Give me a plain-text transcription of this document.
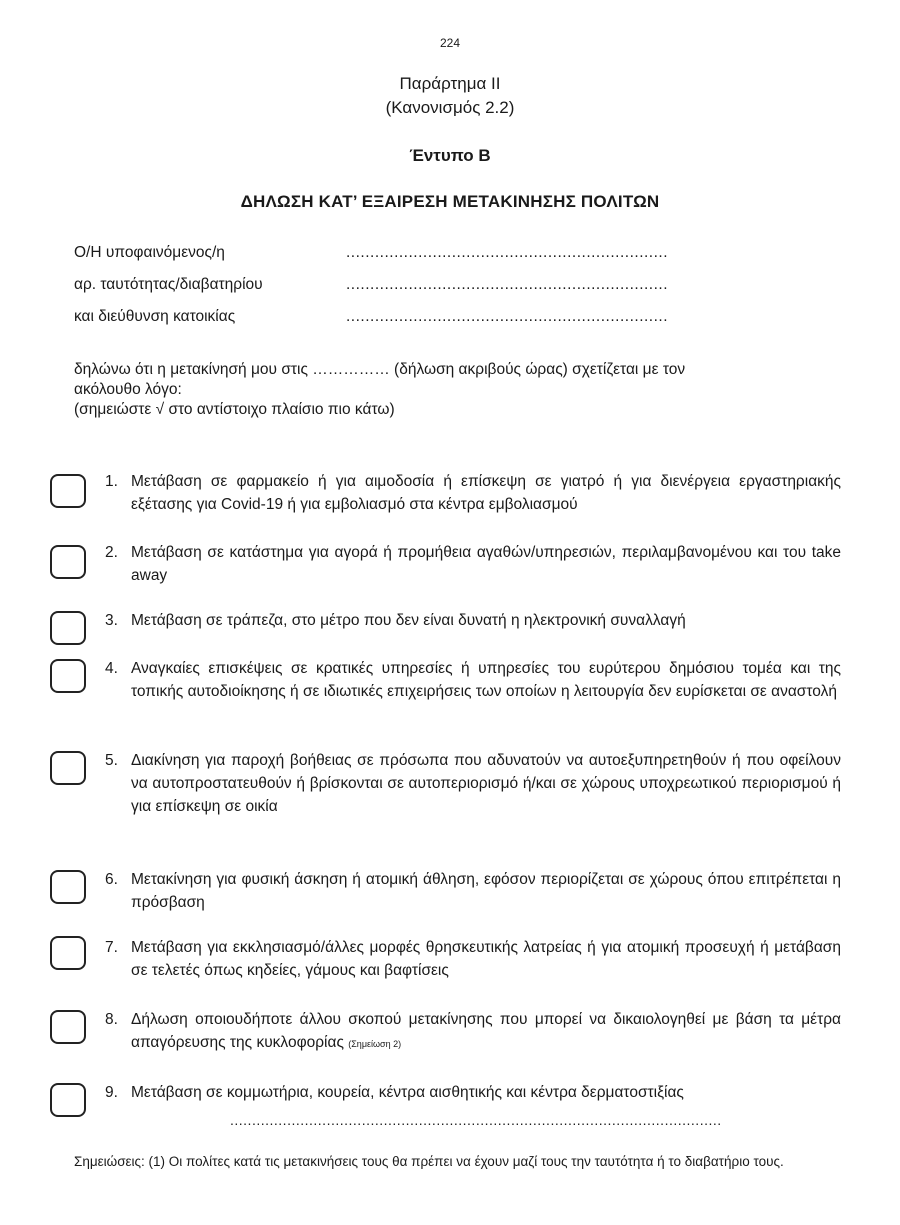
224
Παράρτημα ΙΙ
(Κανονισμός 2.2)
Έντυπο Β
ΔΗΛΩΣΗ ΚΑΤ’ ΕΞΑΙΡΕΣΗ ΜΕΤΑΚΙΝΗΣΗΣ ΠΟΛΙΤΩΝ
Ο/Η υποφαινόμενος/η	...................................................................
αρ. ταυτότητας/διαβατηρίου	...................................................................
και διεύθυνση κατοικίας	...................................................................
δηλώνω ότι η μετακίνησή μου στις …………… (δήλωση ακριβούς ώρας) σχετίζεται με τον
ακόλουθο λόγο:
(σημειώστε √ στο αντίστοιχο πλαίσιο πιο κάτω)
1. Μετάβαση σε φαρμακείο ή για αιμοδοσία ή επίσκεψη σε γιατρό ή για διενέργεια εργαστηριακής εξέτασης για Covid-19 ή για εμβολιασμό στα κέντρα εμβολιασμού
2. Μετάβαση σε κατάστημα για αγορά ή προμήθεια αγαθών/υπηρεσιών, περιλαμβανομένου και του take away
3. Μετάβαση σε τράπεζα, στο μέτρο που δεν είναι δυνατή η ηλεκτρονική συναλλαγή
4. Αναγκαίες επισκέψεις σε κρατικές υπηρεσίες ή υπηρεσίες του ευρύτερου δημόσιου τομέα και της τοπικής αυτοδιοίκησης ή σε ιδιωτικές επιχειρήσεις των οποίων η λειτουργία δεν ευρίσκεται σε αναστολή
5. Διακίνηση για παροχή βοήθειας σε πρόσωπα που αδυνατούν να αυτοεξυπηρετηθούν ή που οφείλουν να αυτοπροστατευθούν ή βρίσκονται σε αυτοπεριορισμό ή/και σε χώρους υποχρεωτικού περιορισμού ή για επίσκεψη σε οικία
6. Μετακίνηση για φυσική άσκηση ή ατομική άθληση, εφόσον περιορίζεται σε χώρους όπου επιτρέπεται η πρόσβαση
7. Μετάβαση για εκκλησιασμό/άλλες μορφές θρησκευτικής λατρείας ή για ατομική προσευχή ή μετάβαση σε τελετές όπως κηδείες, γάμους και βαφτίσεις
8. Δήλωση οποιουδήποτε άλλου σκοπού μετακίνησης που μπορεί να δικαιολογηθεί με βάση τα μέτρα απαγόρευσης της κυκλοφορίας (Σημείωση 2)
9. Μετάβαση σε κομμωτήρια, κουρεία, κέντρα αισθητικής και κέντρα δερματοστιξίας
................................................................................................................
Σημειώσεις: (1) Οι πολίτες κατά τις μετακινήσεις τους θα πρέπει να έχουν μαζί τους την ταυτότητα ή το διαβατήριο τους.
